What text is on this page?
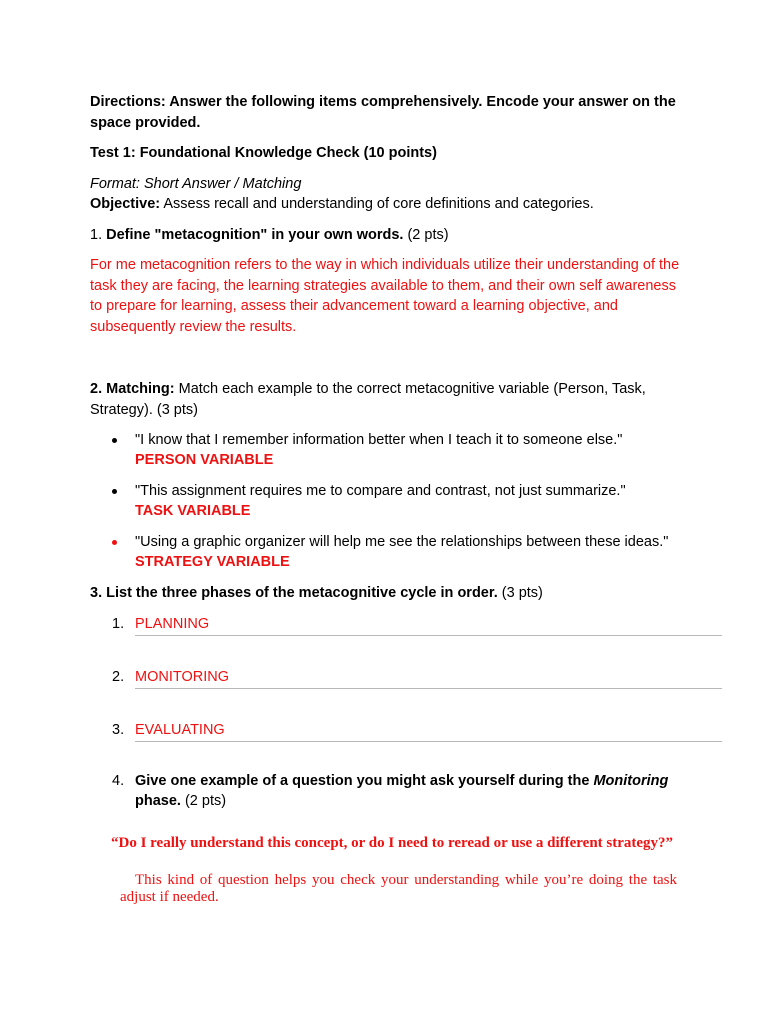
Directions: Answer the following items comprehensively. Encode your answer on the space provided.

Test 1: Foundational Knowledge Check (10 points)

Format: Short Answer / Matching

Objective: Assess recall and understanding of core definitions and categories.

1. Define "metacognition" in your own words. (2 pts)

For me metacognition refers to the way in which individuals utilize their understanding of the task they are facing, the learning strategies available to them, and their own self awareness to prepare for learning, assess their advancement toward a learning objective, and subsequently review the results.

2. Matching: Match each example to the correct metacognitive variable (Person, Task, Strategy). (3 pts)

"I know that I remember information better when I teach it to someone else."
PERSON VARIABLE
"This assignment requires me to compare and contrast, not just summarize."
TASK VARIABLE
"Using a graphic organizer will help me see the relationships between these ideas." STRATEGY VARIABLE

3. List the three phases of the metacognitive cycle in order. (3 pts)

1. PLANNING
2. MONITORING
3. EVALUATING
4. Give one example of a question you might ask yourself during the Monitoring phase. (2 pts)
“Do I really understand this concept, or do I need to reread or use a different strategy?”
This kind of question helps you check your understanding while you’re doing the task adjust if needed.
